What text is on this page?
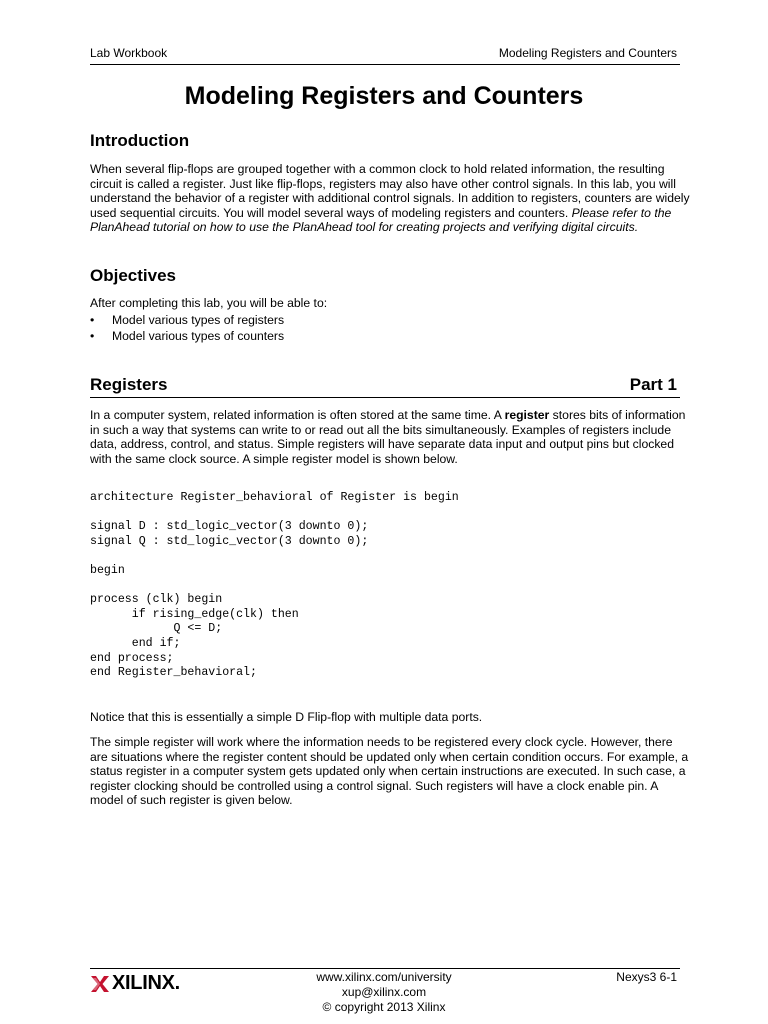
Lab Workbook	Modeling Registers and Counters
Modeling Registers and Counters
Introduction

When several flip-flops are grouped together with a common clock to hold related information, the resulting circuit is called a register. Just like flip-flops, registers may also have other control signals. In this lab, you will understand the behavior of a register with additional control signals. In addition to registers, counters are widely used sequential circuits. You will model several ways of modeling registers and counters. Please refer to the PlanAhead tutorial on how to use the PlanAhead tool for creating projects and verifying digital circuits.

Objectives
After completing this lab, you will be able to:
• Model various types of registers
• Model various types of counters
Registers	Part 1

In a computer system, related information is often stored at the same time. A register stores bits of information in such a way that systems can write to or read out all the bits simultaneously. Examples of registers include data, address, control, and status. Simple registers will have separate data input and output pins but clocked with the same clock source. A simple register model is shown below.

architecture Register_behavioral of Register is begin

signal D : std_logic_vector(3 downto 0);
signal Q : std_logic_vector(3 downto 0);

begin

process (clk) begin
if rising_edge(clk) then
Q <= D;
end if;
end process;
end Register_behavioral;
Notice that this is essentially a simple D Flip-flop with multiple data ports.
The simple register will work where the information needs to be registered every clock cycle. However, there are situations where the register content should be updated only when certain condition occurs. For example, a status register in a computer system gets updated only when certain instructions are executed. In such case, a register clocking should be controlled using a control signal. Such registers will have a clock enable pin. A model of such register is given below.
XILINX.	www.xilinx.com/university
xup@xilinx.com
© copyright 2013 Xilinx
Nexys3 6-1
